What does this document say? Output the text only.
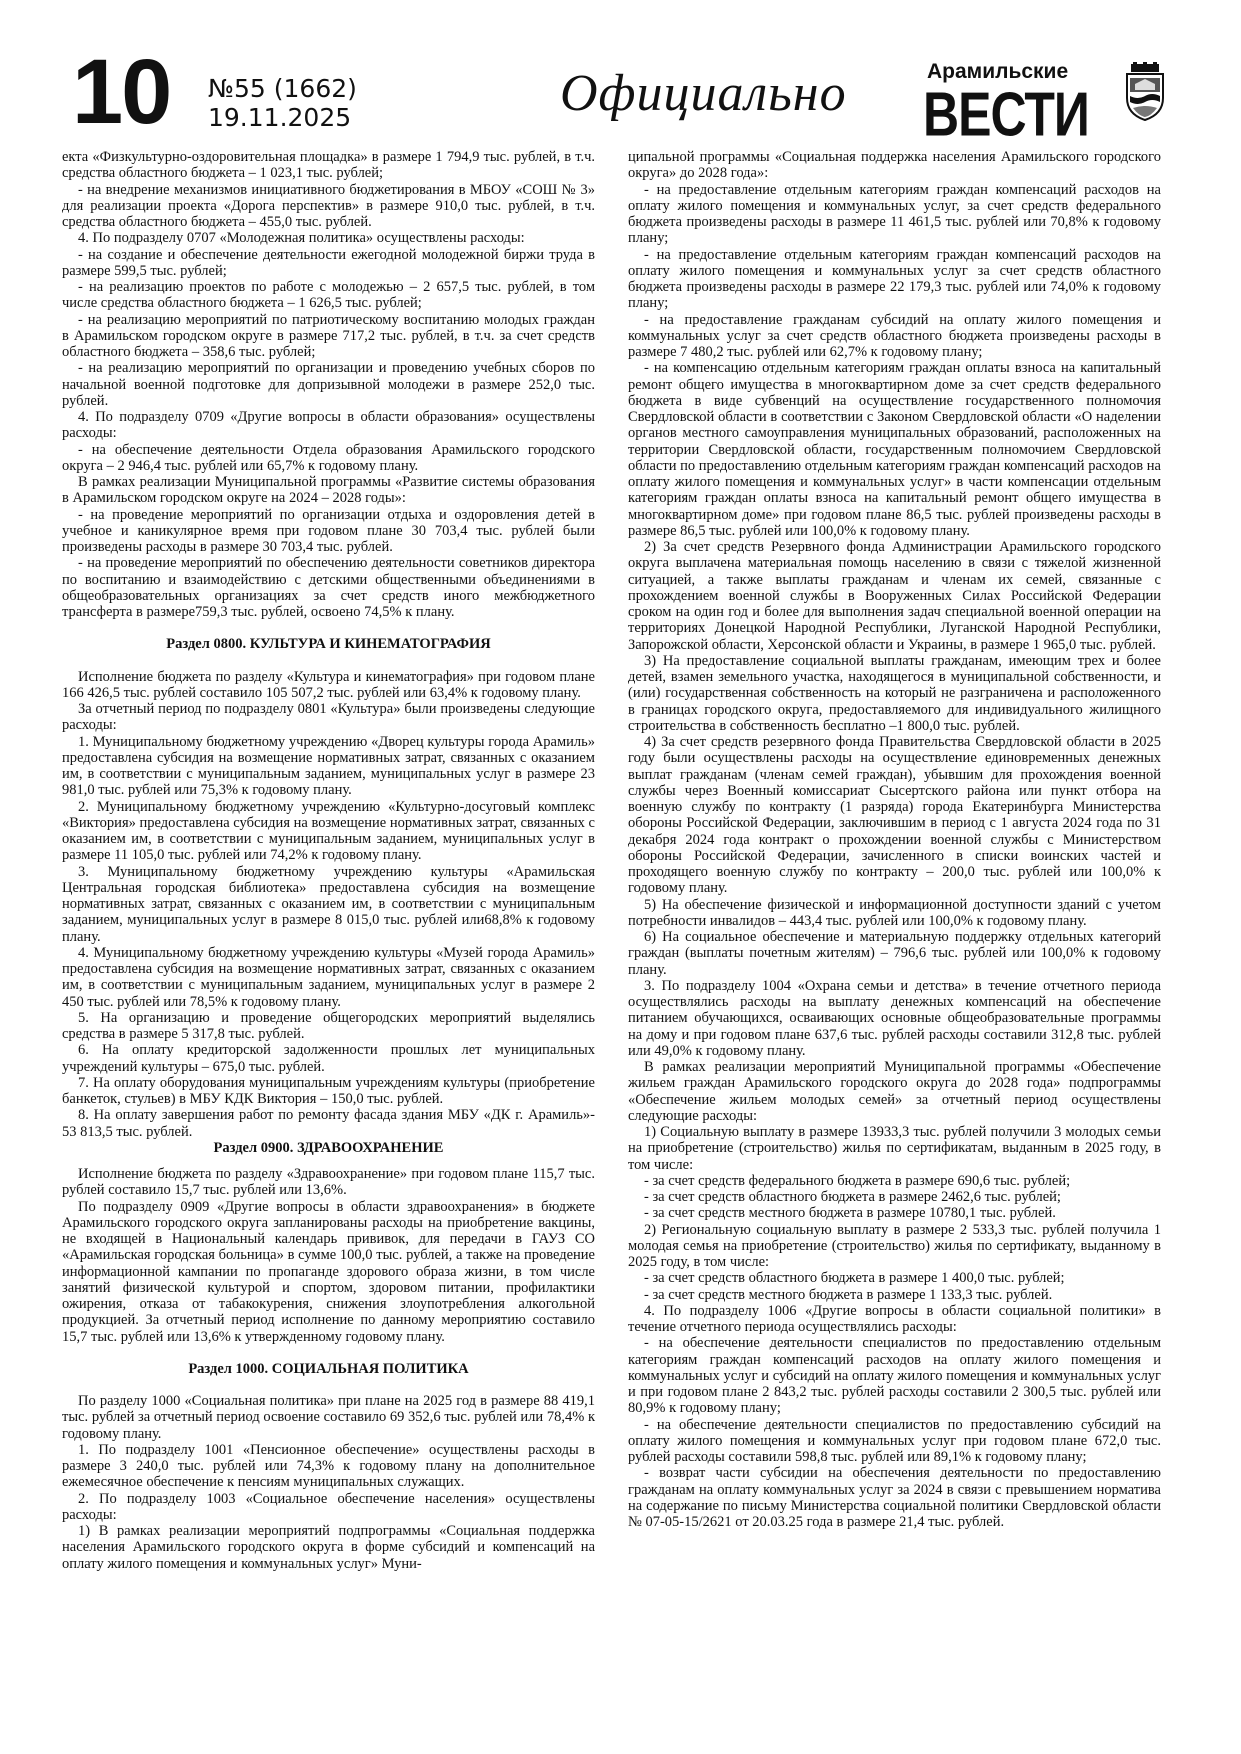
10 №55 (1662)
19.11.2025	Официально	Арамильские
ВЕСТИ

екта «Физкультурно-оздоровительная площадка» в размере 1 794,9 тыс. рублей, в т.ч. средства областного бюджета – 1 023,1 тыс. рублей;

- на внедрение механизмов инициативного бюджетирования в МБОУ «СОШ № 3» для реализации проекта «Дорога перспектив» в размере 910,0 тыс. рублей, в т.ч. средства областного бюджета – 455,0 тыс. рублей.

4. По подразделу 0707 «Молодежная политика» осуществлены расходы:

- на создание и обеспечение деятельности ежегодной молодежной биржи труда в размере 599,5 тыс. рублей;

- на реализацию проектов по работе с молодежью – 2 657,5 тыс. рублей, в том числе средства областного бюджета – 1 626,5 тыс. рублей;

- на реализацию мероприятий по патриотическому воспитанию молодых граждан в Арамильском городском округе в размере 717,2 тыс. рублей, в т.ч. за счет средств областного бюджета – 358,6 тыс. рублей;

- на реализацию мероприятий по организации и проведению учебных сборов по начальной военной подготовке для допризывной молодежи в размере 252,0 тыс. рублей.

4. По подразделу 0709 «Другие вопросы в области образования» осуществлены расходы:

- на обеспечение деятельности Отдела образования Арамильского городского округа – 2 946,4 тыс. рублей или 65,7% к годовому плану.

В рамках реализации Муниципальной программы «Развитие системы образования в Арамильском городском округе на 2024 – 2028 годы»:

- на проведение мероприятий по организации отдыха и оздоровления детей в учебное и каникулярное время при годовом плане 30 703,4 тыс. рублей были произведены расходы в размере 30 703,4 тыс. рублей.

- на проведение мероприятий по обеспечению деятельности советников директора по воспитанию и взаимодействию с детскими общественными объединениями в общеобразовательных организациях за счет средств иного межбюджетного трансферта в размере759,3 тыс. рублей, освоено 74,5% к плану.

Раздел 0800. КУЛЬТУРА И КИНЕМАТОГРАФИЯ

Исполнение бюджета по разделу «Культура и кинематография» при годовом плане 166 426,5 тыс. рублей составило 105 507,2 тыс. рублей или 63,4% к годовому плану.

За отчетный период по подразделу 0801 «Культура» были произведены следующие расходы:

1. Муниципальному бюджетному учреждению «Дворец культуры города Арамиль» предоставлена субсидия на возмещение нормативных затрат, связанных с оказанием им, в соответствии с муниципальным заданием, муниципальных услуг в размере 23 981,0 тыс. рублей или 75,3% к годовому плану.

2. Муниципальному бюджетному учреждению «Культурно-досуговый комплекс «Виктория» предоставлена субсидия на возмещение нормативных затрат, связанных с оказанием им, в соответствии с муниципальным заданием, муниципальных услуг в размере 11 105,0 тыс. рублей или 74,2% к годовому плану.

3. Муниципальному бюджетному учреждению культуры «Арамильская Центральная городская библиотека» предоставлена субсидия на возмещение нормативных затрат, связанных с оказанием им, в соответствии с муниципальным заданием, муниципальных услуг в размере 8 015,0 тыс. рублей или68,8% к годовому плану.

4. Муниципальному бюджетному учреждению культуры «Музей города Арамиль» предоставлена субсидия на возмещение нормативных затрат, связанных с оказанием им, в соответствии с муниципальным заданием, муниципальных услуг в размере 2 450 тыс. рублей или 78,5% к годовому плану.

5. На организацию и проведение общегородских мероприятий выделялись средства в размере 5 317,8 тыс. рублей.

6. На оплату кредиторской задолженности прошлых лет муниципальных учреждений культуры – 675,0 тыс. рублей.

7. На оплату оборудования муниципальным учреждениям культуры (приобретение банкеток, стульев) в МБУ КДК Виктория – 150,0 тыс. рублей.

8. На оплату завершения работ по ремонту фасада здания МБУ «ДК г. Арамиль»- 53 813,5 тыс. рублей.

Раздел 0900. ЗДРАВООХРАНЕНИЕ

Исполнение бюджета по разделу «Здравоохранение» при годовом плане 115,7 тыс. рублей составило 15,7 тыс. рублей или 13,6%.

По подразделу 0909 «Другие вопросы в области здравоохранения» в бюджете Арамильского городского округа запланированы расходы на приобретение вакцины, не входящей в Национальный календарь прививок, для передачи в ГАУЗ СО «Арамильская городская больница» в сумме 100,0 тыс. рублей, а также на проведение информационной кампании по пропаганде здорового образа жизни, в том числе занятий физической культурой и спортом, здоровом питании, профилактики ожирения, отказа от табакокурения, снижения злоупотребления алкогольной продукцией. За отчетный период исполнение по данному мероприятию составило 15,7 тыс. рублей или 13,6% к утвержденному годовому плану.

Раздел 1000. СОЦИАЛЬНАЯ ПОЛИТИКА

По разделу 1000 «Социальная политика» при плане на 2025 год в размере 88 419,1 тыс. рублей за отчетный период освоение составило 69 352,6 тыс. рублей или 78,4% к годовому плану.

1. По подразделу 1001 «Пенсионное обеспечение» осуществлены расходы в размере 3 240,0 тыс. рублей или 74,3% к годовому плану на дополнительное ежемесячное обеспечение к пенсиям муниципальных служащих.

2. По подразделу 1003 «Социальное обеспечение населения» осуществлены расходы:

1) В рамках реализации мероприятий подпрограммы «Социальная поддержка населения Арамильского городского округа в форме субсидий и компенсаций на оплату жилого помещения и коммунальных услуг» Муни-

ципальной программы «Социальная поддержка населения Арамильского городского округа» до 2028 года»:

- на предоставление отдельным категориям граждан компенсаций расходов на оплату жилого помещения и коммунальных услуг, за счет средств федерального бюджета произведены расходы в размере 11 461,5 тыс. рублей или 70,8% к годовому плану;

- на предоставление отдельным категориям граждан компенсаций расходов на оплату жилого помещения и коммунальных услуг за счет средств областного бюджета произведены расходы в размере 22 179,3 тыс. рублей или 74,0% к годовому плану;

- на предоставление гражданам субсидий на оплату жилого помещения и коммунальных услуг за счет средств областного бюджета произведены расходы в размере 7 480,2 тыс. рублей или 62,7% к годовому плану;

- на компенсацию отдельным категориям граждан оплаты взноса на капитальный ремонт общего имущества в многоквартирном доме за счет средств федерального бюджета в виде субвенций на осуществление государственного полномочия Свердловской области в соответствии с Законом Свердловской области «О наделении органов местного самоуправления муниципальных образований, расположенных на территории Свердловской области, государственным полномочием Свердловской области по предоставлению отдельным категориям граждан компенсаций расходов на оплату жилого помещения и коммунальных услуг» в части компенсации отдельным категориям граждан оплаты взноса на капитальный ремонт общего имущества в многоквартирном доме» при годовом плане 86,5 тыс. рублей произведены расходы в размере 86,5 тыс. рублей или 100,0% к годовому плану.

2) За счет средств Резервного фонда Администрации Арамильского городского округа выплачена материальная помощь населению в связи с тяжелой жизненной ситуацией, а также выплаты гражданам и членам их семей, связанные с прохождением военной службы в Вооруженных Силах Российской Федерации сроком на один год и более для выполнения задач специальной военной операции на территориях Донецкой Народной Республики, Луганской Народной Республики, Запорожской области, Херсонской области и Украины, в размере 1 965,0 тыс. рублей.

3) На предоставление социальной выплаты гражданам, имеющим трех и более детей, взамен земельного участка, находящегося в муниципальной собственности, и (или) государственная собственность на который не разграничена и расположенного в границах городского округа, предоставляемого для индивидуального жилищного строительства в собственность бесплатно –1 800,0 тыс. рублей.

4) За счет средств резервного фонда Правительства Свердловской области в 2025 году были осуществлены расходы на осуществление единовременных денежных выплат гражданам (членам семей граждан), убывшим для прохождения военной службы через Военный комиссариат Сысертского района или пункт отбора на военную службу по контракту (1 разряда) города Екатеринбурга Министерства обороны Российской Федерации, заключившим в период с 1 августа 2024 года по 31 декабря 2024 года контракт о прохождении военной службы с Министерством обороны Российской Федерации, зачисленного в списки воинских частей и проходящего военную службу по контракту – 200,0 тыс. рублей или 100,0% к годовому плану.

5) На обеспечение физической и информационной доступности зданий с учетом потребности инвалидов – 443,4 тыс. рублей или 100,0% к годовому плану.

6) На социальное обеспечение и материальную поддержку отдельных категорий граждан (выплаты почетным жителям) – 796,6 тыс. рублей или 100,0% к годовому плану.

3. По подразделу 1004 «Охрана семьи и детства» в течение отчетного периода осуществлялись расходы на выплату денежных компенсаций на обеспечение питанием обучающихся, осваивающих основные общеобразовательные программы на дому и при годовом плане 637,6 тыс. рублей расходы составили 312,8 тыс. рублей или 49,0% к годовому плану.

В рамках реализации мероприятий Муниципальной программы «Обеспечение жильем граждан Арамильского городского округа до 2028 года» подпрограммы «Обеспечение жильем молодых семей» за отчетный период осуществлены следующие расходы:

1) Социальную выплату в размере 13933,3 тыс. рублей получили 3 молодых семьи на приобретение (строительство) жилья по сертификатам, выданным в 2025 году, в том числе:

- за счет средств федерального бюджета в размере 690,6 тыс. рублей;

- за счет средств областного бюджета в размере 2462,6 тыс. рублей;

- за счет средств местного бюджета в размере 10780,1 тыс. рублей.

2) Региональную социальную выплату в размере 2 533,3 тыс. рублей получила 1 молодая семья на приобретение (строительство) жилья по сертификату, выданному в 2025 году, в том числе:

- за счет средств областного бюджета в размере 1 400,0 тыс. рублей;

- за счет средств местного бюджета в размере 1 133,3 тыс. рублей.

4. По подразделу 1006 «Другие вопросы в области социальной политики» в течение отчетного периода осуществлялись расходы:

- на обеспечение деятельности специалистов по предоставлению отдельным категориям граждан компенсаций расходов на оплату жилого помещения и коммунальных услуг и субсидий на оплату жилого помещения и коммунальных услуг и при годовом плане 2 843,2 тыс. рублей расходы составили 2 300,5 тыс. рублей или 80,9% к годовому плану;

- на обеспечение деятельности специалистов по предоставлению субсидий на оплату жилого помещения и коммунальных услуг при годовом плане 672,0 тыс. рублей расходы составили 598,8 тыс. рублей или 89,1% к годовому плану;

- возврат части субсидии на обеспечения деятельности по предоставлению гражданам на оплату коммунальных услуг за 2024 в связи с превышением норматива на содержание по письму Министерства социальной политики Свердловской области № 07-05-15/2621 от 20.03.25 года в размере 21,4 тыс. рублей.
